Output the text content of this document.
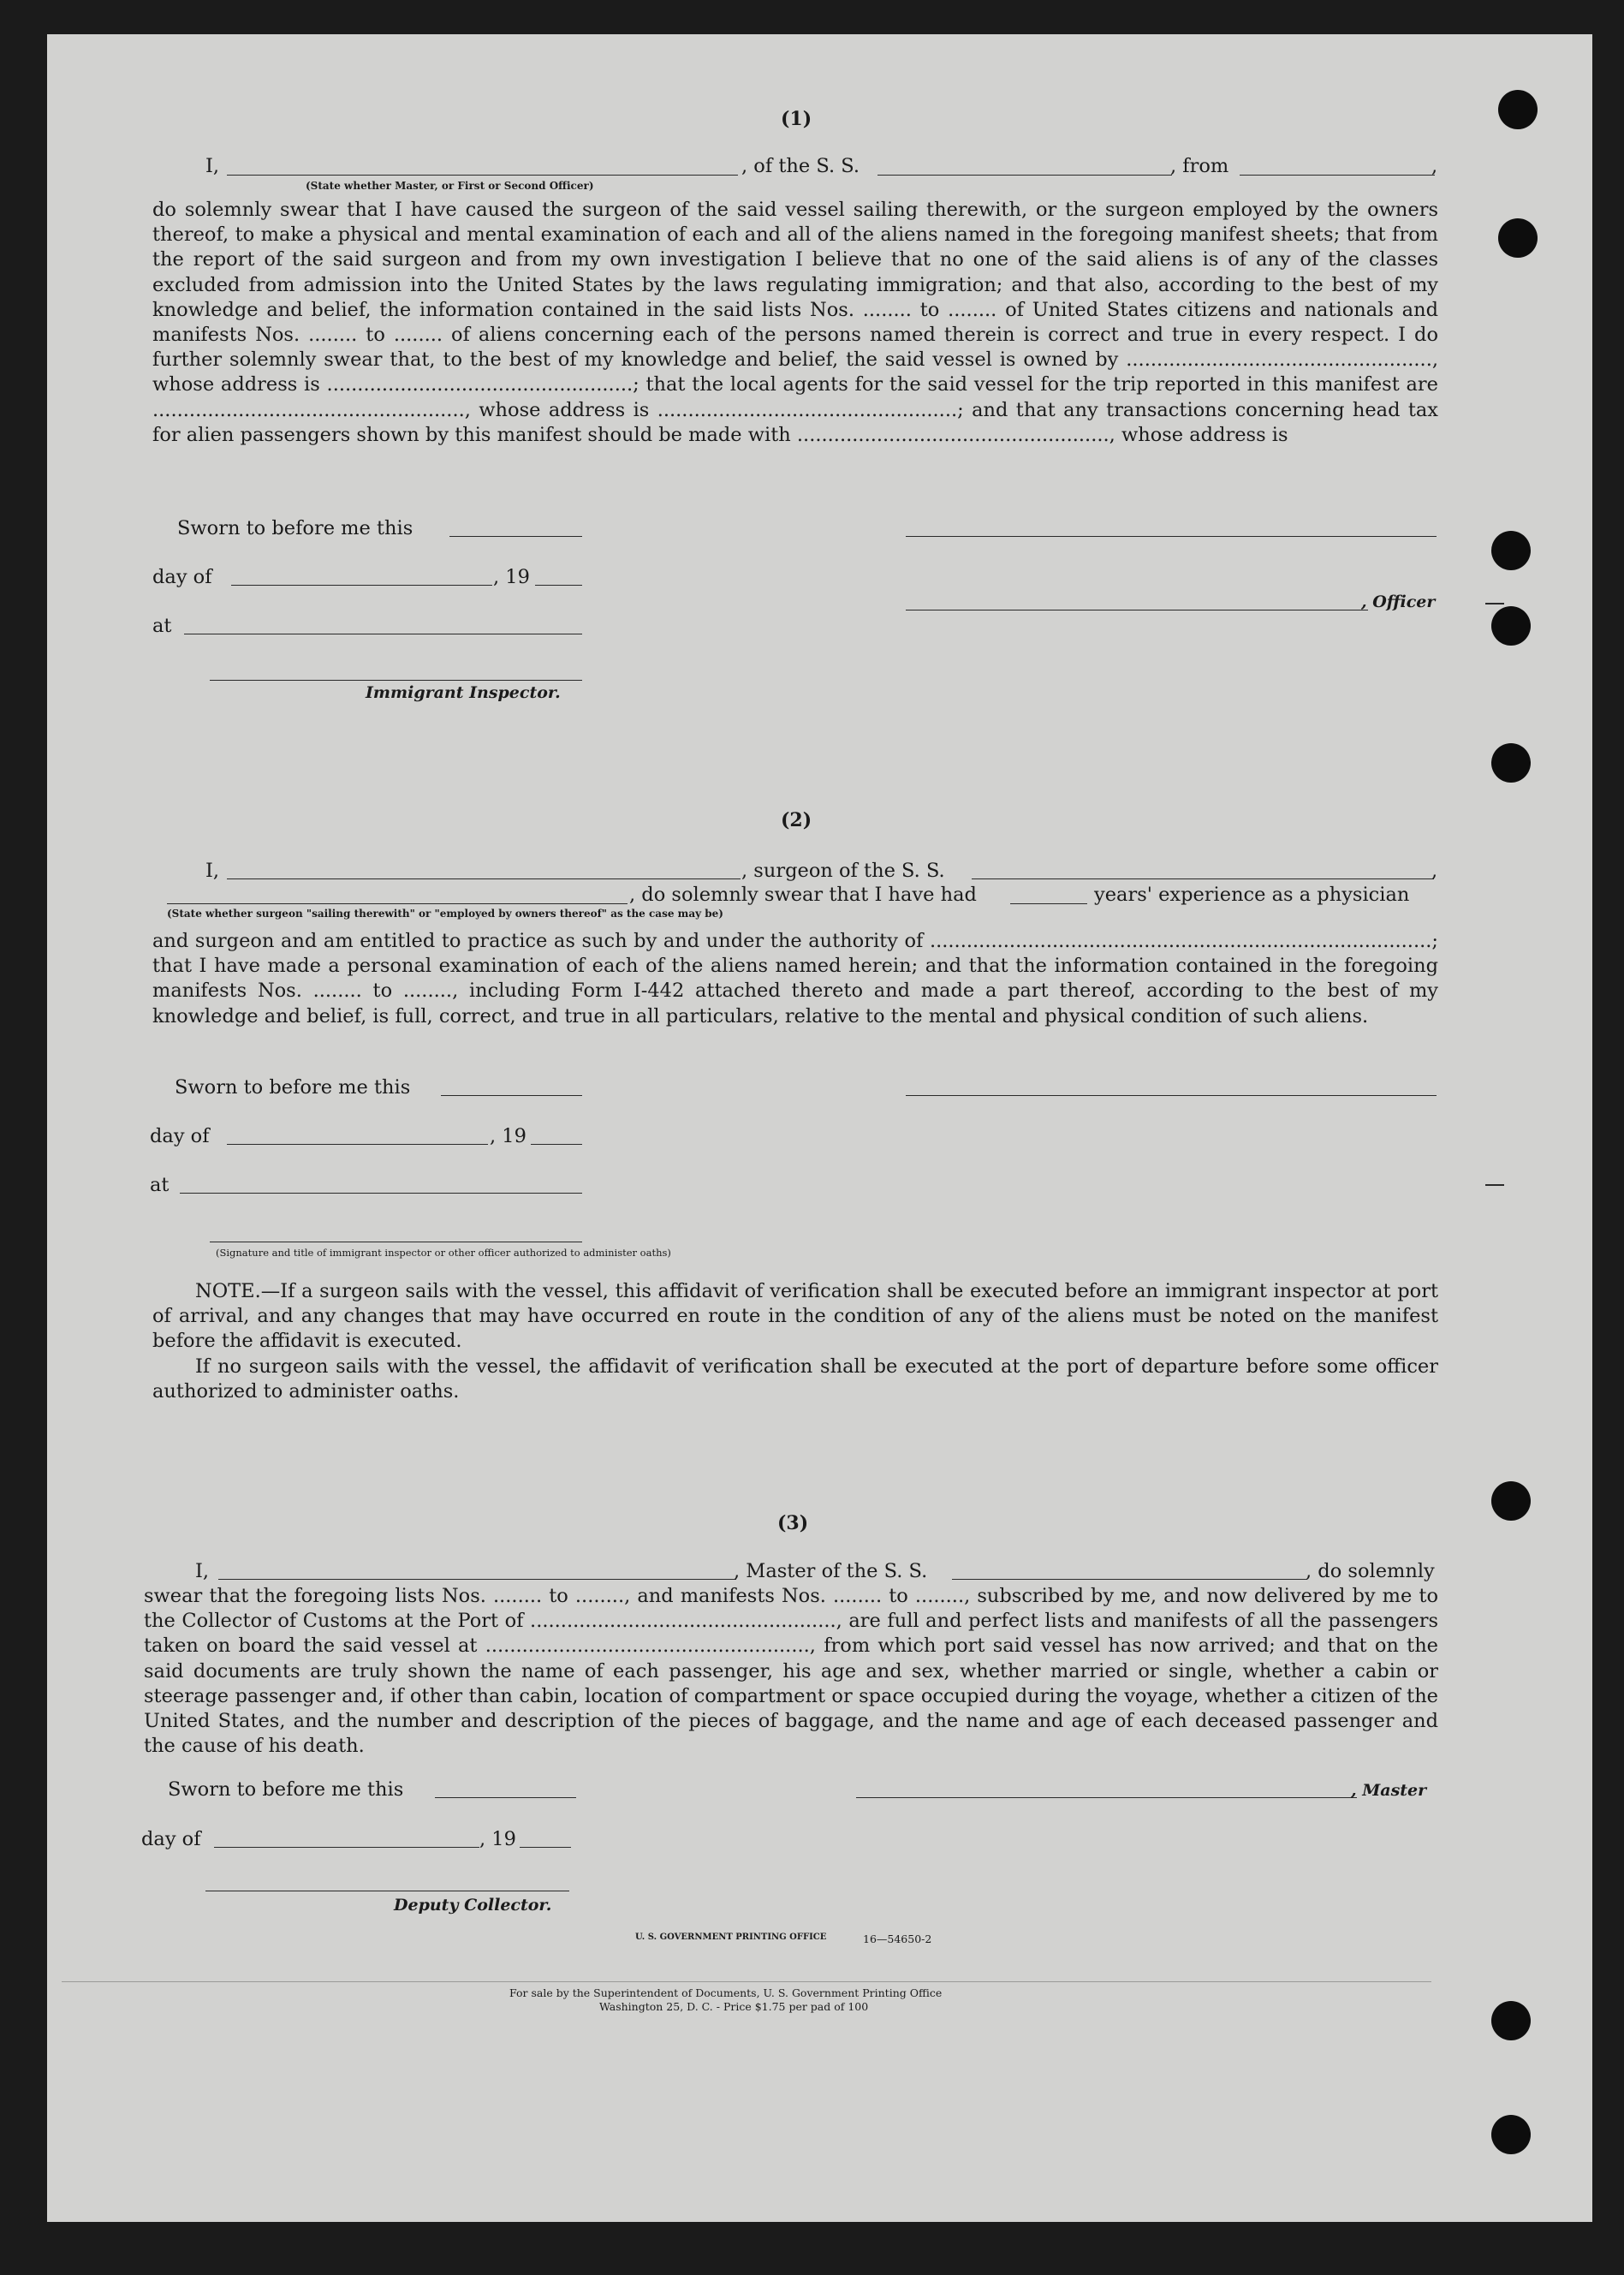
(1)
I,	, of the S. S.	, from	,
(State whether Master, or First or Second Officer)
do solemnly swear that I have caused the surgeon of the said vessel sailing therewith, or the surgeon employed by the owners thereof, to make a physical and mental examination of each and all of the aliens named in the foregoing manifest sheets; that from the report of the said surgeon and from my own investigation I believe that no one of the said aliens is of any of the classes excluded from admission into the United States by the laws regulating immigration; and that also, according to the best of my knowledge and belief, the information contained in the said lists Nos. ........ to ........ of United States citizens and nationals and manifests Nos. ........ to ........ of aliens concerning each of the persons named therein is correct and true in every respect. I do further solemnly swear that, to the best of my knowledge and belief, the said vessel is owned by .................................................., whose address is ..................................................; that the local agents for the said vessel for the trip reported in this manifest are ..................................................., whose address is .................................................; and that any transactions concerning head tax for alien passengers shown by this manifest should be made with ..................................................., whose address is
Sworn to before me this
day of	, 19
at
Immigrant Inspector.
, Officer
(2)
I,	, surgeon of the S. S.	,
, do solemnly swear that I have had	years' experience as a physician
(State whether surgeon "sailing therewith" or "employed by owners thereof" as the case may be)
and surgeon and am entitled to practice as such by and under the authority of ..................................................................................; that I have made a personal examination of each of the aliens named herein; and that the information contained in the foregoing manifests Nos. ........ to ........, including Form I-442 attached thereto and made a part thereof, according to the best of my knowledge and belief, is full, correct, and true in all particulars, relative to the mental and physical condition of such aliens.
Sworn to before me this
day of	, 19
at
(Signature and title of immigrant inspector or other officer authorized to administer oaths)
NOTE.—If a surgeon sails with the vessel, this affidavit of verification shall be executed before an immigrant inspector at port of arrival, and any changes that may have occurred en route in the condition of any of the aliens must be noted on the manifest before the affidavit is executed.
If no surgeon sails with the vessel, the affidavit of verification shall be executed at the port of departure before some officer authorized to administer oaths.
(3)
I,	, Master of the S. S.	, do solemnly
swear that the foregoing lists Nos. ........ to ........, and manifests Nos. ........ to ........, subscribed by me, and now delivered by me to the Collector of Customs at the Port of .................................................., are full and perfect lists and manifests of all the passengers taken on board the said vessel at ....................................................., from which port said vessel has now arrived; and that on the said documents are truly shown the name of each passenger, his age and sex, whether married or single, whether a cabin or steerage passenger and, if other than cabin, location of compartment or space occupied during the voyage, whether a citizen of the United States, and the number and description of the pieces of baggage, and the name and age of each deceased passenger and the cause of his death.
Sworn to before me this	, Master
day of	, 19
Deputy Collector.
U. S. GOVERNMENT PRINTING OFFICE	16—54650-2
For sale by the Superintendent of Documents, U. S. Government Printing Office
Washington 25, D. C. - Price $1.75 per pad of 100
